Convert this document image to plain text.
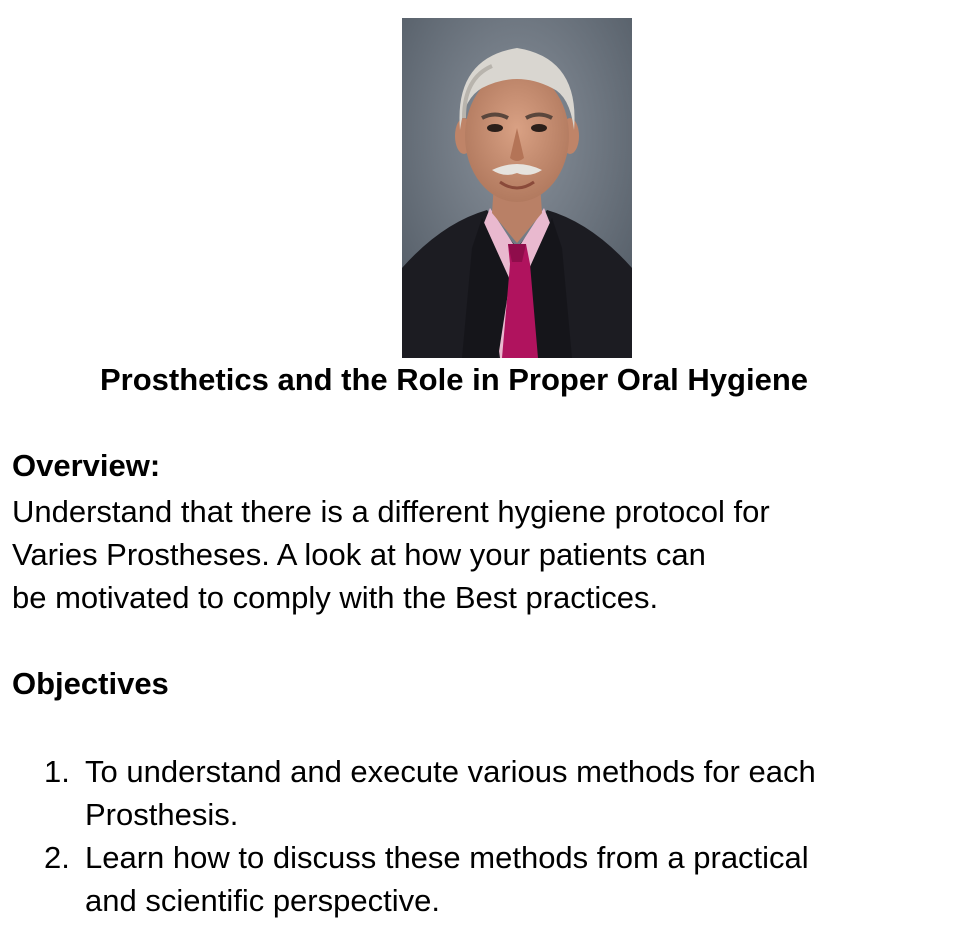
Prosthetics and the Role in Proper Oral Hygiene
Overview:
Understand that there is a different hygiene protocol for
Varies Prostheses. A look at how your patients can
be motivated to comply with the Best practices.
Objectives
1. To understand and execute various methods for each
Prosthesis.
2. Learn how to discuss these methods from a practical
and scientific perspective.
